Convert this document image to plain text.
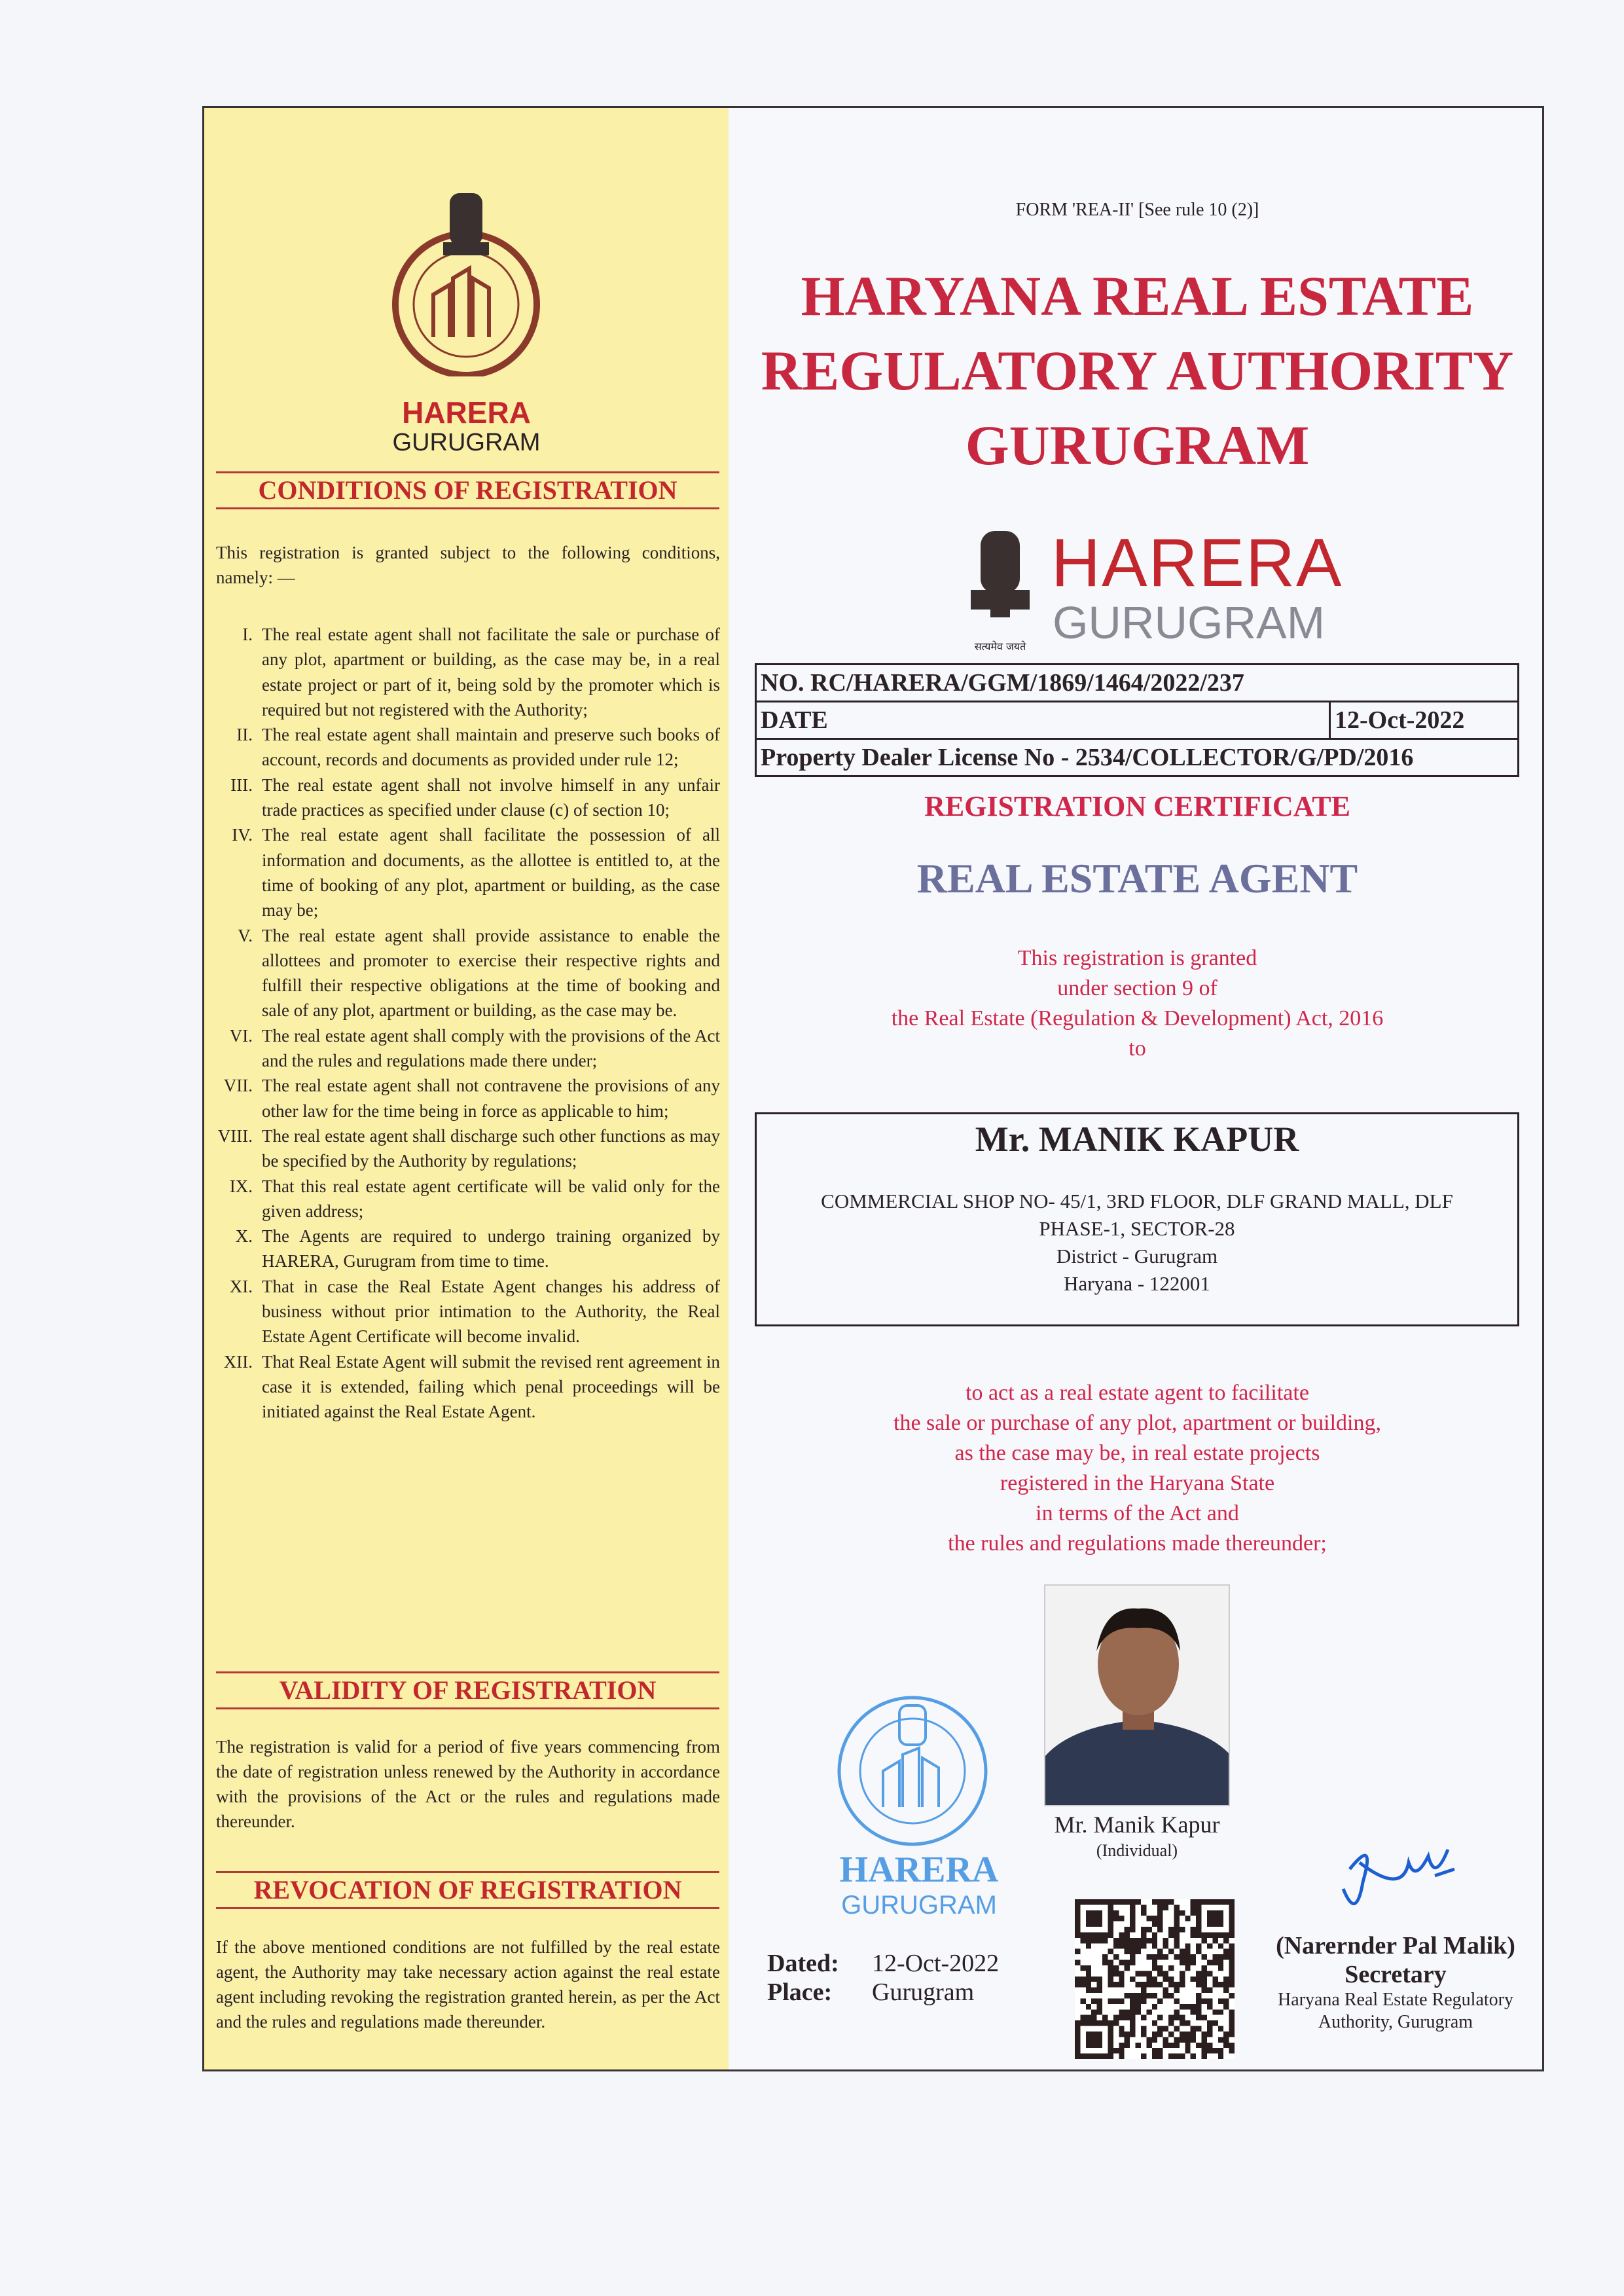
HARERA
GURUGRAM
CONDITIONS OF REGISTRATION
This registration is granted subject to the following conditions, namely: —
I. The real estate agent shall not facilitate the sale or purchase of any plot, apartment or building, as the case may be, in a real estate project or part of it, being sold by the promoter which is required but not registered with the Authority;
II. The real estate agent shall maintain and preserve such books of account, records and documents as provided under rule 12;
III. The real estate agent shall not involve himself in any unfair trade practices as specified under clause (c) of section 10;
IV. The real estate agent shall facilitate the possession of all information and documents, as the allottee is entitled to, at the time of booking of any plot, apartment or building, as the case may be;
V. The real estate agent shall provide assistance to enable the allottees and promoter to exercise their respective rights and fulfill their respective obligations at the time of booking and sale of any plot, apartment or building, as the case may be.
VI. The real estate agent shall comply with the provisions of the Act and the rules and regulations made there under;
VII. The real estate agent shall not contravene the provisions of any other law for the time being in force as applicable to him;
VIII. The real estate agent shall discharge such other functions as may be specified by the Authority by regulations;
IX. That this real estate agent certificate will be valid only for the given address;
X. The Agents are required to undergo training organized by HARERA, Gurugram from time to time.
XI. That in case the Real Estate Agent changes his address of business without prior intimation to the Authority, the Real Estate Agent Certificate will become invalid.
XII. That Real Estate Agent will submit the revised rent agreement in case it is extended, failing which penal proceedings will be initiated against the Real Estate Agent.
VALIDITY OF REGISTRATION
The registration is valid for a period of five years commencing from the date of registration unless renewed by the Authority in accordance with the provisions of the Act or the rules and regulations made thereunder.
REVOCATION OF REGISTRATION
If the above mentioned conditions are not fulfilled by the real estate agent, the Authority may take necessary action against the real estate agent including revoking the registration granted herein, as per the Act and the rules and regulations made thereunder.
FORM 'REA-II' [See rule 10 (2)]
HARYANA REAL ESTATE
REGULATORY AUTHORITY
GURUGRAM
सत्यमेव जयते
HARERA
GURUGRAM
NO. RC/HARERA/GGM/1869/1464/2022/237
DATE	12-Oct-2022
Property Dealer License No - 2534/COLLECTOR/G/PD/2016
REGISTRATION CERTIFICATE
REAL ESTATE AGENT
This registration is granted
under section 9 of
the Real Estate (Regulation & Development) Act, 2016
to
Mr. MANIK KAPUR
COMMERCIAL SHOP NO- 45/1, 3RD FLOOR, DLF GRAND MALL, DLF
PHASE-1, SECTOR-28
District - Gurugram
Haryana - 122001
to act as a real estate agent to facilitate
the sale or purchase of any plot, apartment or building,
as the case may be, in real estate projects
registered in the Haryana State
in terms of the Act and
the rules and regulations made thereunder;
Mr. Manik Kapur
(Individual)
HARERA
GURUGRAM
Dated: 12-Oct-2022
Place: Gurugram
(Narernder Pal Malik)
Secretary
Haryana Real Estate Regulatory
Authority, Gurugram
